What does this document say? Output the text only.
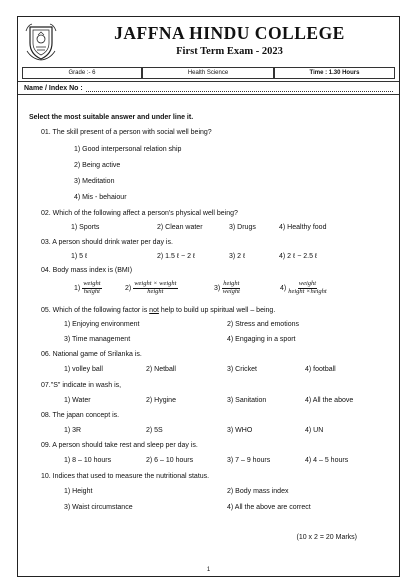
JAFFNA HINDU COLLEGE
First Term Exam - 2023
Grade :- 6	Health Science	Time : 1.30 Hours
Name / Index No :
Select the most suitable answer and under line it.
01. The skill present of a person with social well being?
1) Good interpersonal relation ship
2) Being active
3) Meditation
4) Mis - behaiour
02. Which of the following affect a person's physical well being?
1) Sports	2) Clean water	3) Drugs	4) Healthy food
03. A person should drink water per day is.
1) 5 ℓ	2) 1.5 ℓ − 2 ℓ	3) 2 ℓ	4) 2 ℓ − 2.5 ℓ
04. Body mass index is (BMI)
$1) \frac{\text{weight}}{\text{height}}$	$2) \frac{\text{weight × weight}}{\text{height}}$	$3) \frac{\text{height}}{\text{weight}}$	$4) \frac{\text{weight}}{\text{height ×height}}$
05. Which of the following factor is not help to build up spiritual well – being.
1) Enjoying environment	2) Stress and emotions
3) Time management	4) Engaging in a sport
06. National game of Srilanka is.
1) volley ball	2) Netball	3) Cricket	4) football
07."S" indicate in wash is,
1) Water	2) Hygine	3) Sanitation	4) All the above
08. The japan concept is.
1) 3R	2) 5S	3) WHO	4) UN
09. A person should take rest and sleep per day is.
1) 8 – 10 hours	2) 6 – 10 hours	3) 7 – 9 hours	4) 4 – 5 hours
10. Indices that used to measure the nutritional status.
1) Height	2) Body mass index
3) Waist circumstance	4) All the above are correct
(10 x 2 = 20 Marks)
1
